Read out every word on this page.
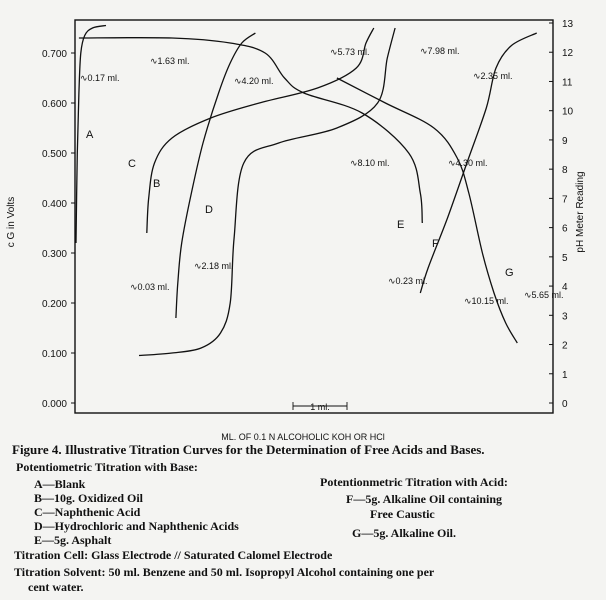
c G in Volts	pH Meter Reading
ML. OF 0.1 N ALCOHOLIC KOH OR HCl
1 ml.
0.000
0.100
0.200
0.300
0.400
0.500
0.600
0.700
0
1
2
3
4
5
6
7
8
9
10
11
12
13
A
B
C
D
E
F
G
∿0.17 ml.
∿1.63 ml.
∿4.20 ml.
∿5.73 ml.	∿7.98 ml.
∿2.35 ml.
∿8.10 ml.	∿4.30 ml.
∿2.18 ml.
∿0.03 ml.
∿0.23 ml.
∿10.15 ml.
∿5.65 ml.
Figure 4. Illustrative Titration Curves for the Determination of Free Acids and Bases.
Potentiometric Titration with Base:
A—Blank
B—10g. Oxidized Oil
C—Naphthenic Acid
D—Hydrochloric and Naphthenic Acids
E—5g. Asphalt
Potentionmetric Titration with Acid:
F—5g. Alkaline Oil containing
Free Caustic
G—5g. Alkaline Oil.
Titration Cell: Glass Electrode // Saturated Calomel Electrode
Titration Solvent: 50 ml. Benzene and 50 ml. Isopropyl Alcohol containing one per
cent water.
